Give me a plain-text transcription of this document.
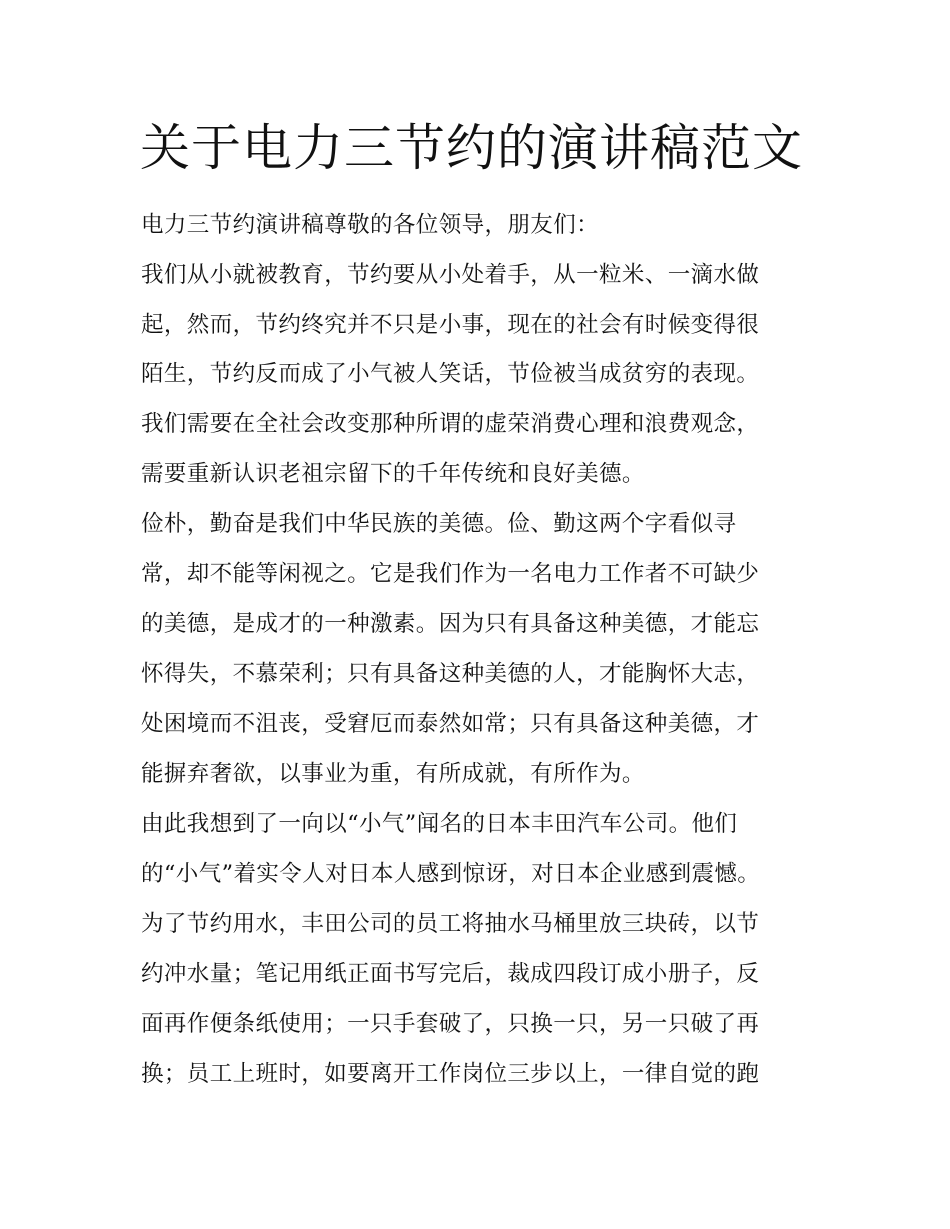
关于电力三节约的演讲稿范文
电力三节约演讲稿尊敬的各位领导，朋友们：
我们从小就被教育，节约要从小处着手，从一粒米、一滴水做
起，然而，节约终究并不只是小事，现在的社会有时候变得很
陌生，节约反而成了小气被人笑话，节俭被当成贫穷的表现。
我们需要在全社会改变那种所谓的虚荣消费心理和浪费观念，
需要重新认识老祖宗留下的千年传统和良好美德。
俭朴，勤奋是我们中华民族的美德。俭、勤这两个字看似寻
常，却不能等闲视之。它是我们作为一名电力工作者不可缺少
的美德，是成才的一种激素。因为只有具备这种美德，才能忘
怀得失，不慕荣利；只有具备这种美德的人，才能胸怀大志，
处困境而不沮丧，受窘厄而泰然如常；只有具备这种美德，才
能摒弃奢欲，以事业为重，有所成就，有所作为。
由此我想到了一向以“小气”闻名的日本丰田汽车公司。他们
的“小气”着实令人对日本人感到惊讶，对日本企业感到震憾。
为了节约用水，丰田公司的员工将抽水马桶里放三块砖，以节
约冲水量；笔记用纸正面书写完后，裁成四段订成小册子，反
面再作便条纸使用；一只手套破了，只换一只，另一只破了再
换；员工上班时，如要离开工作岗位三步以上，一律自觉的跑
